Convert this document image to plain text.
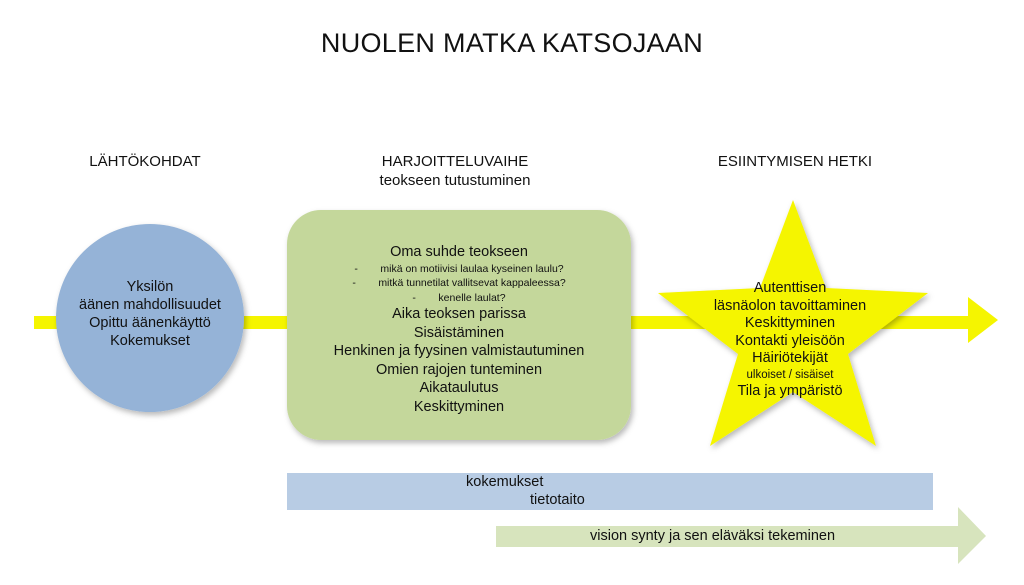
NUOLEN MATKA KATSOJAAN
LÄHTÖKOHDAT	HARJOITTELUVAIHE
teokseen tutustuminen
ESIINTYMISEN HETKI
Yksilön
äänen mahdollisuudet
Opittu äänenkäyttö
Kokemukset
Oma suhde teokseen
- mikä on motiivisi laulaa kyseinen laulu?
- mitkä tunnetilat vallitsevat kappaleessa?
- kenelle laulat?
Aika teoksen parissa
Sisäistäminen
Henkinen ja fyysinen valmistautuminen
Omien rajojen tunteminen
Aikataulutus
Keskittyminen
Autenttisen
läsnäolon tavoittaminen
Keskittyminen
Kontakti yleisöön
Häiriötekijät
ulkoiset / sisäiset
Tila ja ympäristö
kokemukset
tietotaito
vision synty ja sen eläväksi tekeminen
